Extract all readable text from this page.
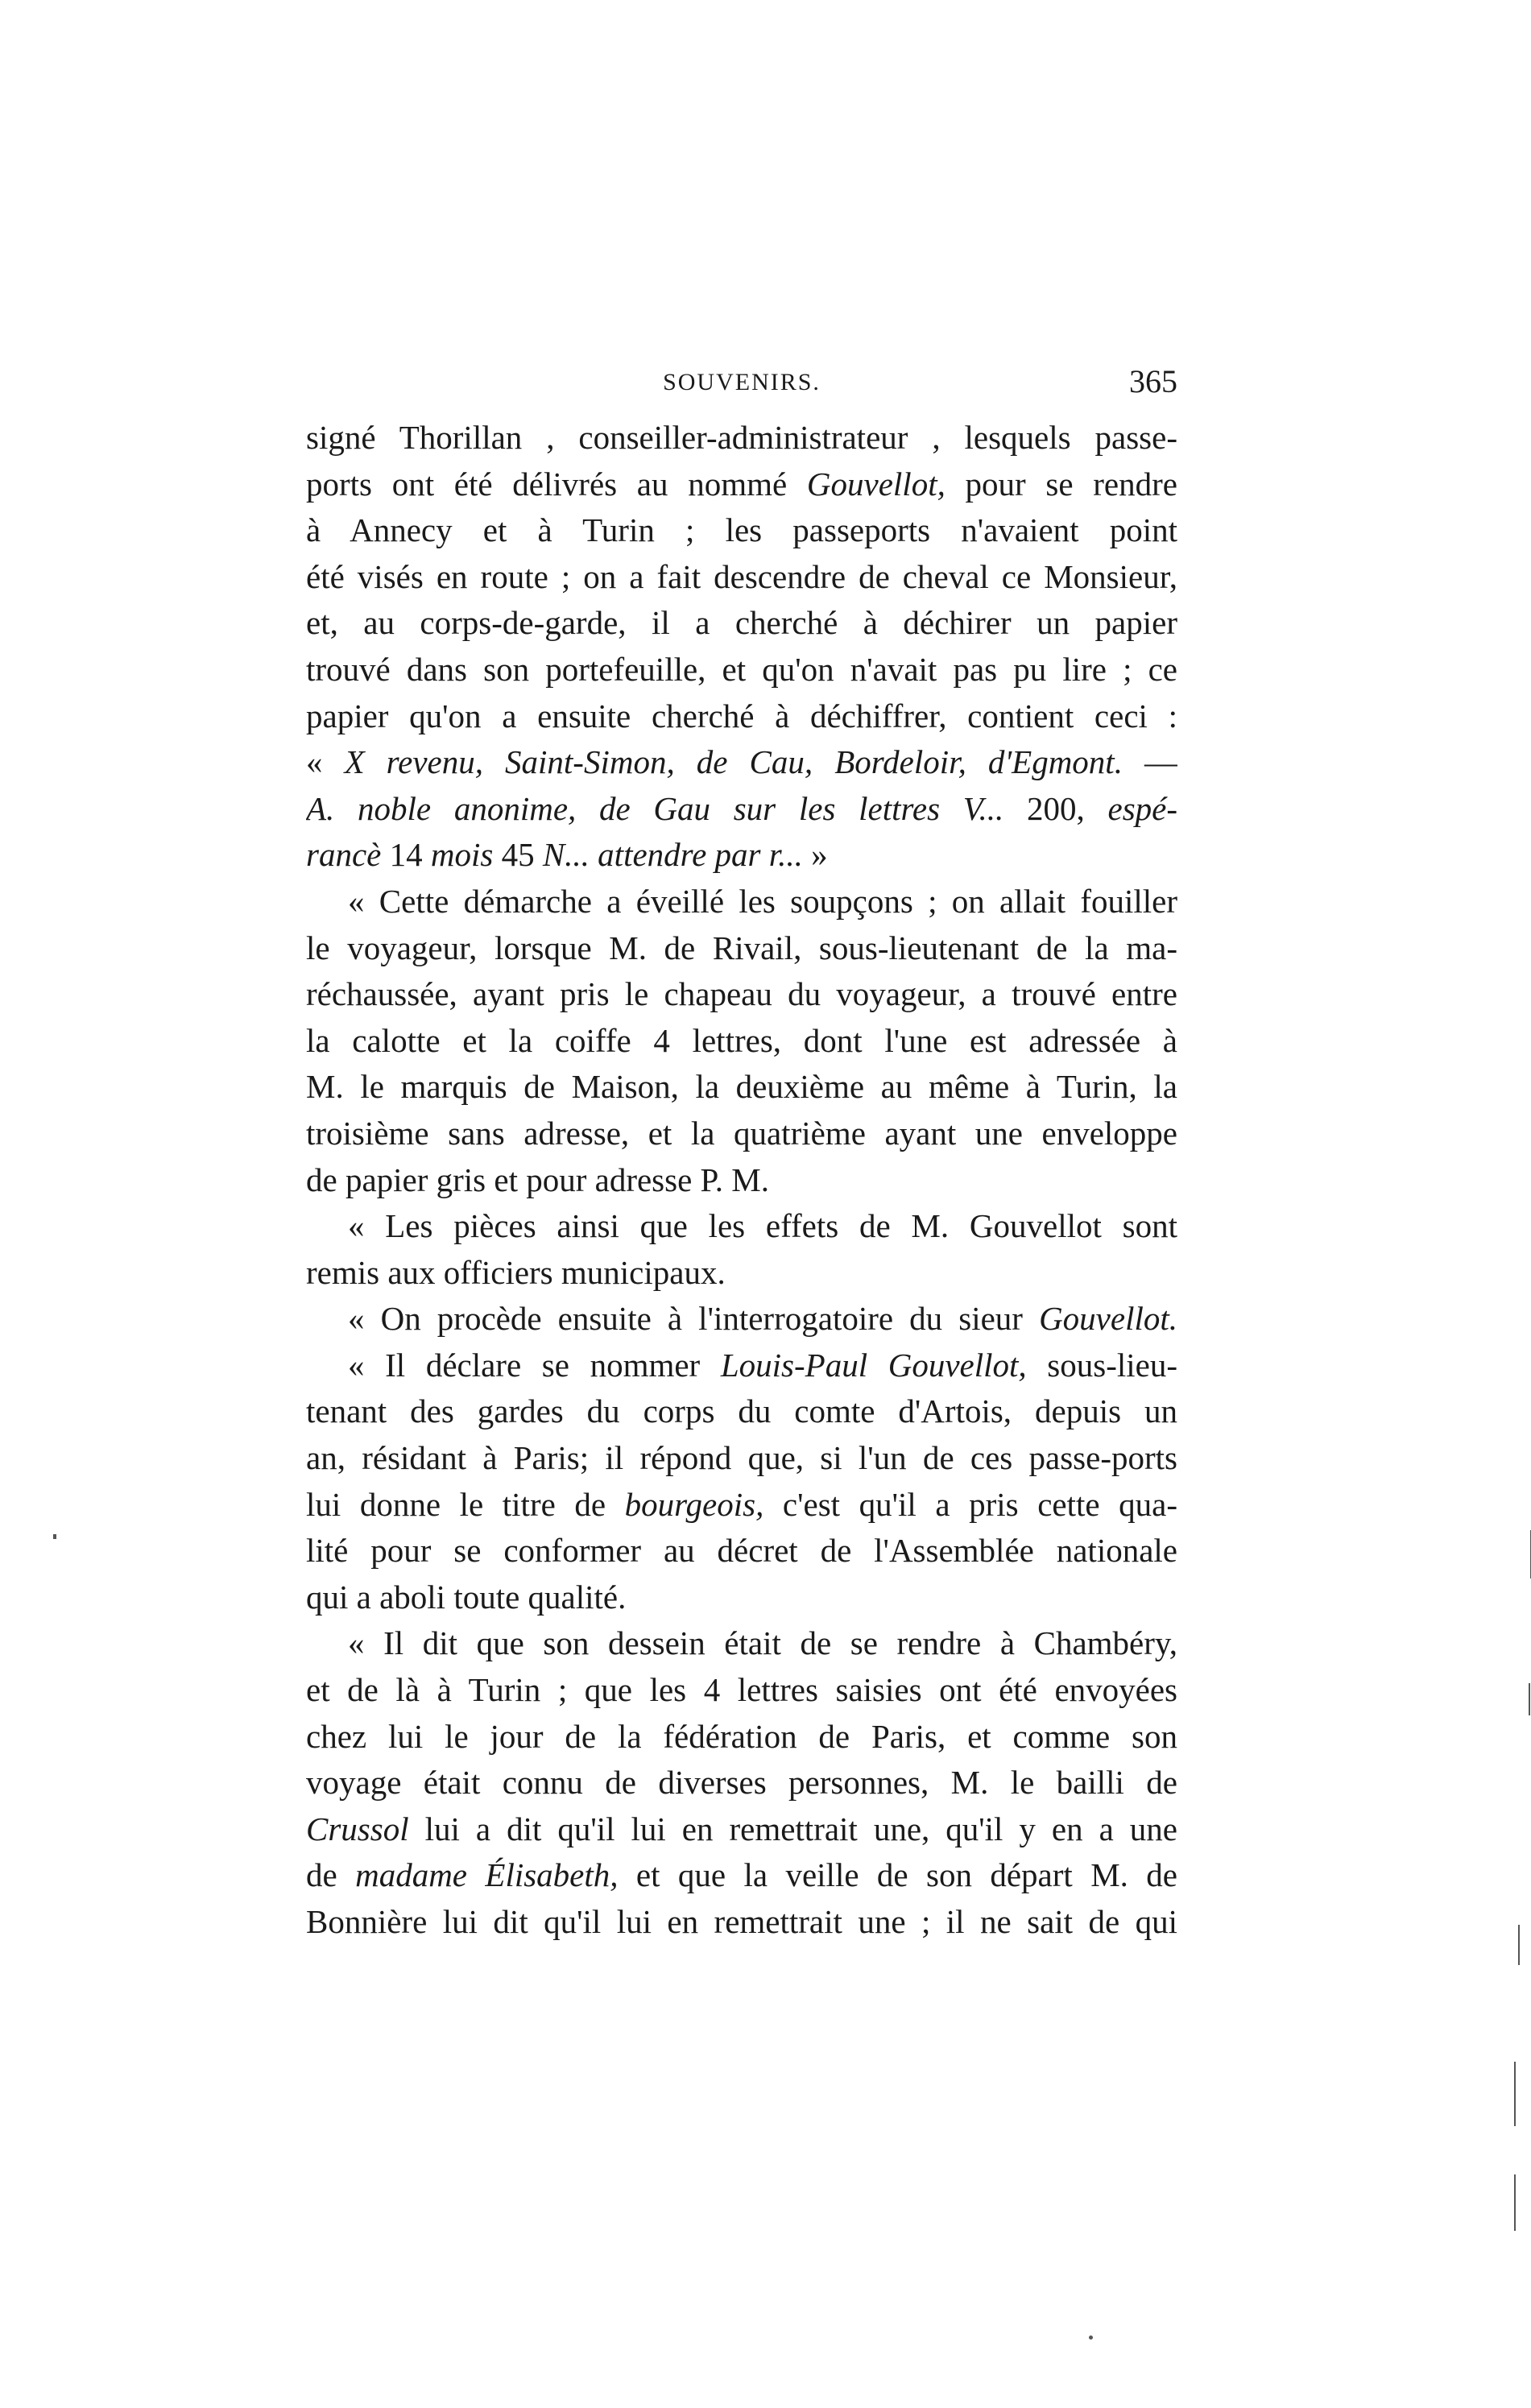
SOUVENIRS.	365
signé Thorillan , conseiller-administrateur , lesquels passe-
ports ont été délivrés au nommé Gouvellot, pour se rendre
à Annecy et à Turin ; les passeports n'avaient point
été visés en route ; on a fait descendre de cheval ce Monsieur,
et, au corps-de-garde, il a cherché à déchirer un papier
trouvé dans son portefeuille, et qu'on n'avait pas pu lire ; ce
papier qu'on a ensuite cherché à déchiffrer, contient ceci :
« X revenu, Saint-Simon, de Cau, Bordeloir, d'Egmont. —
A. noble anonime, de Gau sur les lettres V... 200, espé-
rancè 14 mois 45 N... attendre par r... »
« Cette démarche a éveillé les soupçons ; on allait fouiller
le voyageur, lorsque M. de Rivail, sous-lieutenant de la ma-
réchaussée, ayant pris le chapeau du voyageur, a trouvé entre
la calotte et la coiffe 4 lettres, dont l'une est adressée à
M. le marquis de Maison, la deuxième au même à Turin, la
troisième sans adresse, et la quatrième ayant une enveloppe
de papier gris et pour adresse P. M.
« Les pièces ainsi que les effets de M. Gouvellot sont
remis aux officiers municipaux.
« On procède ensuite à l'interrogatoire du sieur Gouvellot.
« Il déclare se nommer Louis-Paul Gouvellot, sous-lieu-
tenant des gardes du corps du comte d'Artois, depuis un
an, résidant à Paris; il répond que, si l'un de ces passe-ports
lui donne le titre de bourgeois, c'est qu'il a pris cette qua-
lité pour se conformer au décret de l'Assemblée nationale
qui a aboli toute qualité.
« Il dit que son dessein était de se rendre à Chambéry,
et de là à Turin ; que les 4 lettres saisies ont été envoyées
chez lui le jour de la fédération de Paris, et comme son
voyage était connu de diverses personnes, M. le bailli de
Crussol lui a dit qu'il lui en remettrait une, qu'il y en a une
de madame Élisabeth, et que la veille de son départ M. de
Bonnière lui dit qu'il lui en remettrait une ; il ne sait de qui
